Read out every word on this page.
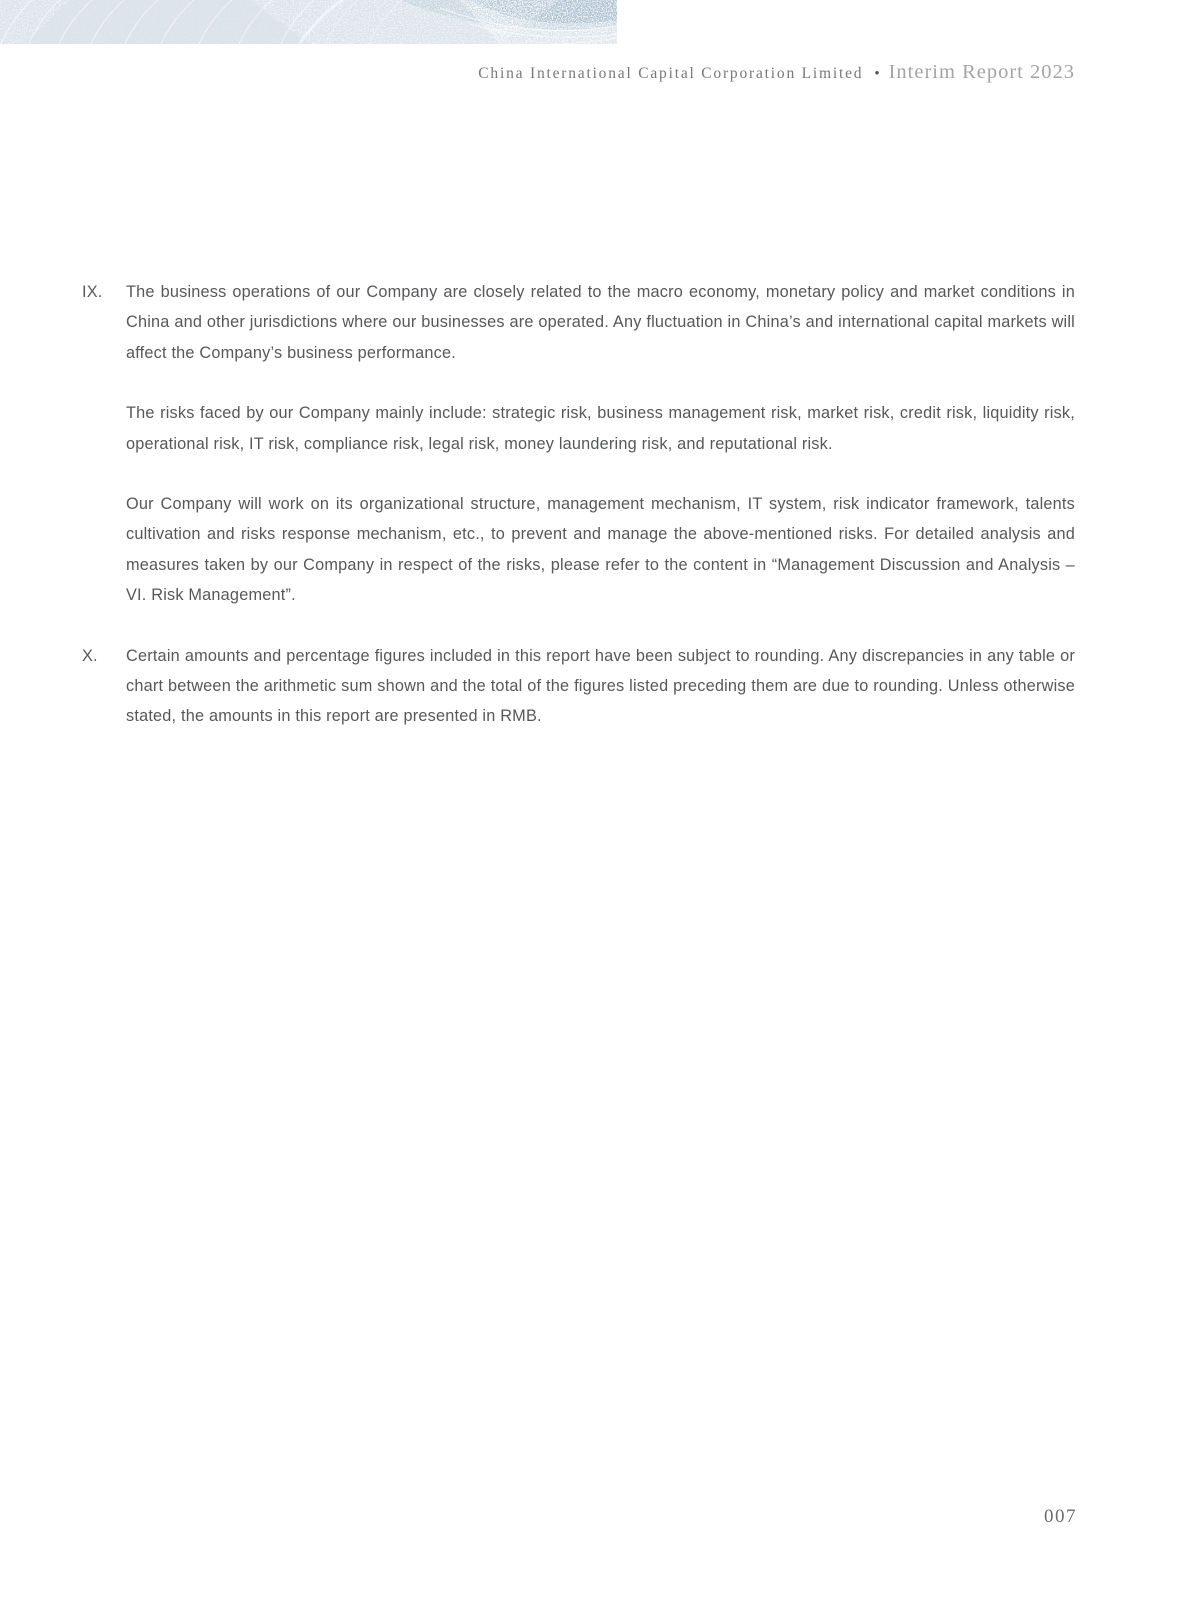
China International Capital Corporation Limited • Interim Report 2023
IX.	The business operations of our Company are closely related to the macro economy, monetary policy and market conditions in China and other jurisdictions where our businesses are operated. Any fluctuation in China’s and international capital markets will affect the Company’s business performance.

The risks faced by our Company mainly include: strategic risk, business management risk, market risk, credit risk, liquidity risk, operational risk, IT risk, compliance risk, legal risk, money laundering risk, and reputational risk.

Our Company will work on its organizational structure, management mechanism, IT system, risk indicator framework, talents cultivation and risks response mechanism, etc., to prevent and manage the above-mentioned risks. For detailed analysis and measures taken by our Company in respect of the risks, please refer to the content in “Management Discussion and Analysis – VI. Risk Management”.

X.	Certain amounts and percentage figures included in this report have been subject to rounding. Any discrepancies in any table or chart between the arithmetic sum shown and the total of the figures listed preceding them are due to rounding. Unless otherwise stated, the amounts in this report are presented in RMB.

007
